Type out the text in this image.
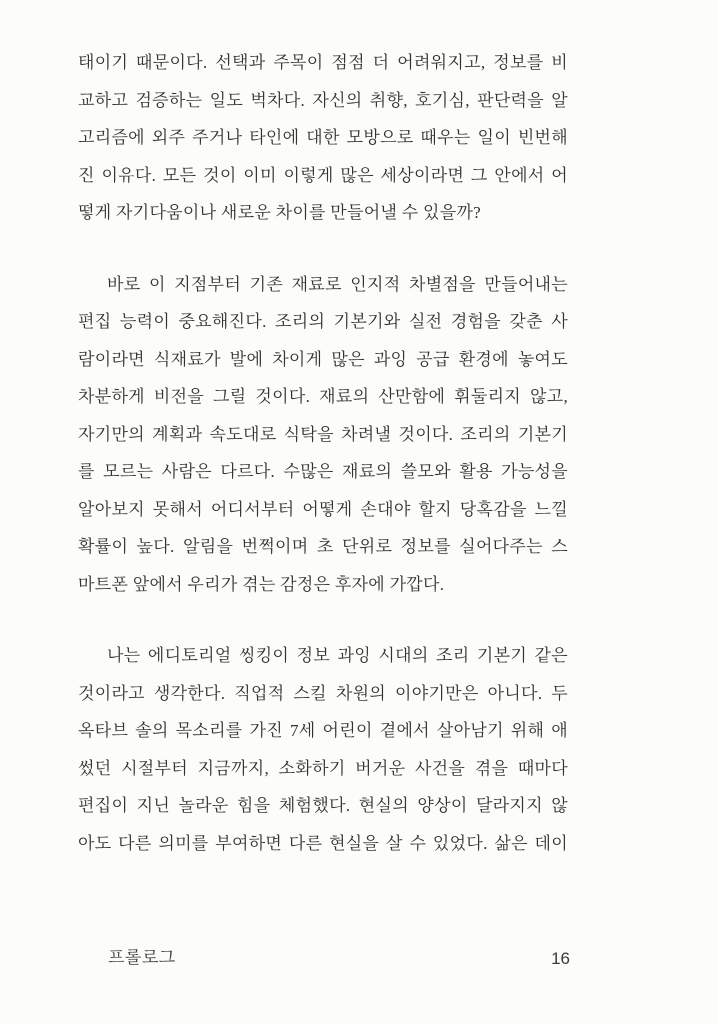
태이기 때문이다. 선택과 주목이 점점 더 어려워지고, 정보를 비
교하고 검증하는 일도 벅차다. 자신의 취향, 호기심, 판단력을 알
고리즘에 외주 주거나 타인에 대한 모방으로 때우는 일이 빈번해
진 이유다. 모든 것이 이미 이렇게 많은 세상이라면 그 안에서 어
떻게 자기다움이나 새로운 차이를 만들어낼 수 있을까?
바로 이 지점부터 기존 재료로 인지적 차별점을 만들어내는
편집 능력이 중요해진다. 조리의 기본기와 실전 경험을 갖춘 사
람이라면 식재료가 발에 차이게 많은 과잉 공급 환경에 놓여도
차분하게 비전을 그릴 것이다. 재료의 산만함에 휘둘리지 않고,
자기만의 계획과 속도대로 식탁을 차려낼 것이다. 조리의 기본기
를 모르는 사람은 다르다. 수많은 재료의 쓸모와 활용 가능성을
알아보지 못해서 어디서부터 어떻게 손대야 할지 당혹감을 느낄
확률이 높다. 알림을 번쩍이며 초 단위로 정보를 실어다주는 스
마트폰 앞에서 우리가 겪는 감정은 후자에 가깝다.
나는 에디토리얼 씽킹이 정보 과잉 시대의 조리 기본기 같은
것이라고 생각한다. 직업적 스킬 차원의 이야기만은 아니다. 두
옥타브 솔의 목소리를 가진 7세 어린이 곁에서 살아남기 위해 애
썼던 시절부터 지금까지, 소화하기 버거운 사건을 겪을 때마다
편집이 지닌 놀라운 힘을 체험했다. 현실의 양상이 달라지지 않
아도 다른 의미를 부여하면 다른 현실을 살 수 있었다. 삶은 데이
프롤로그	16
